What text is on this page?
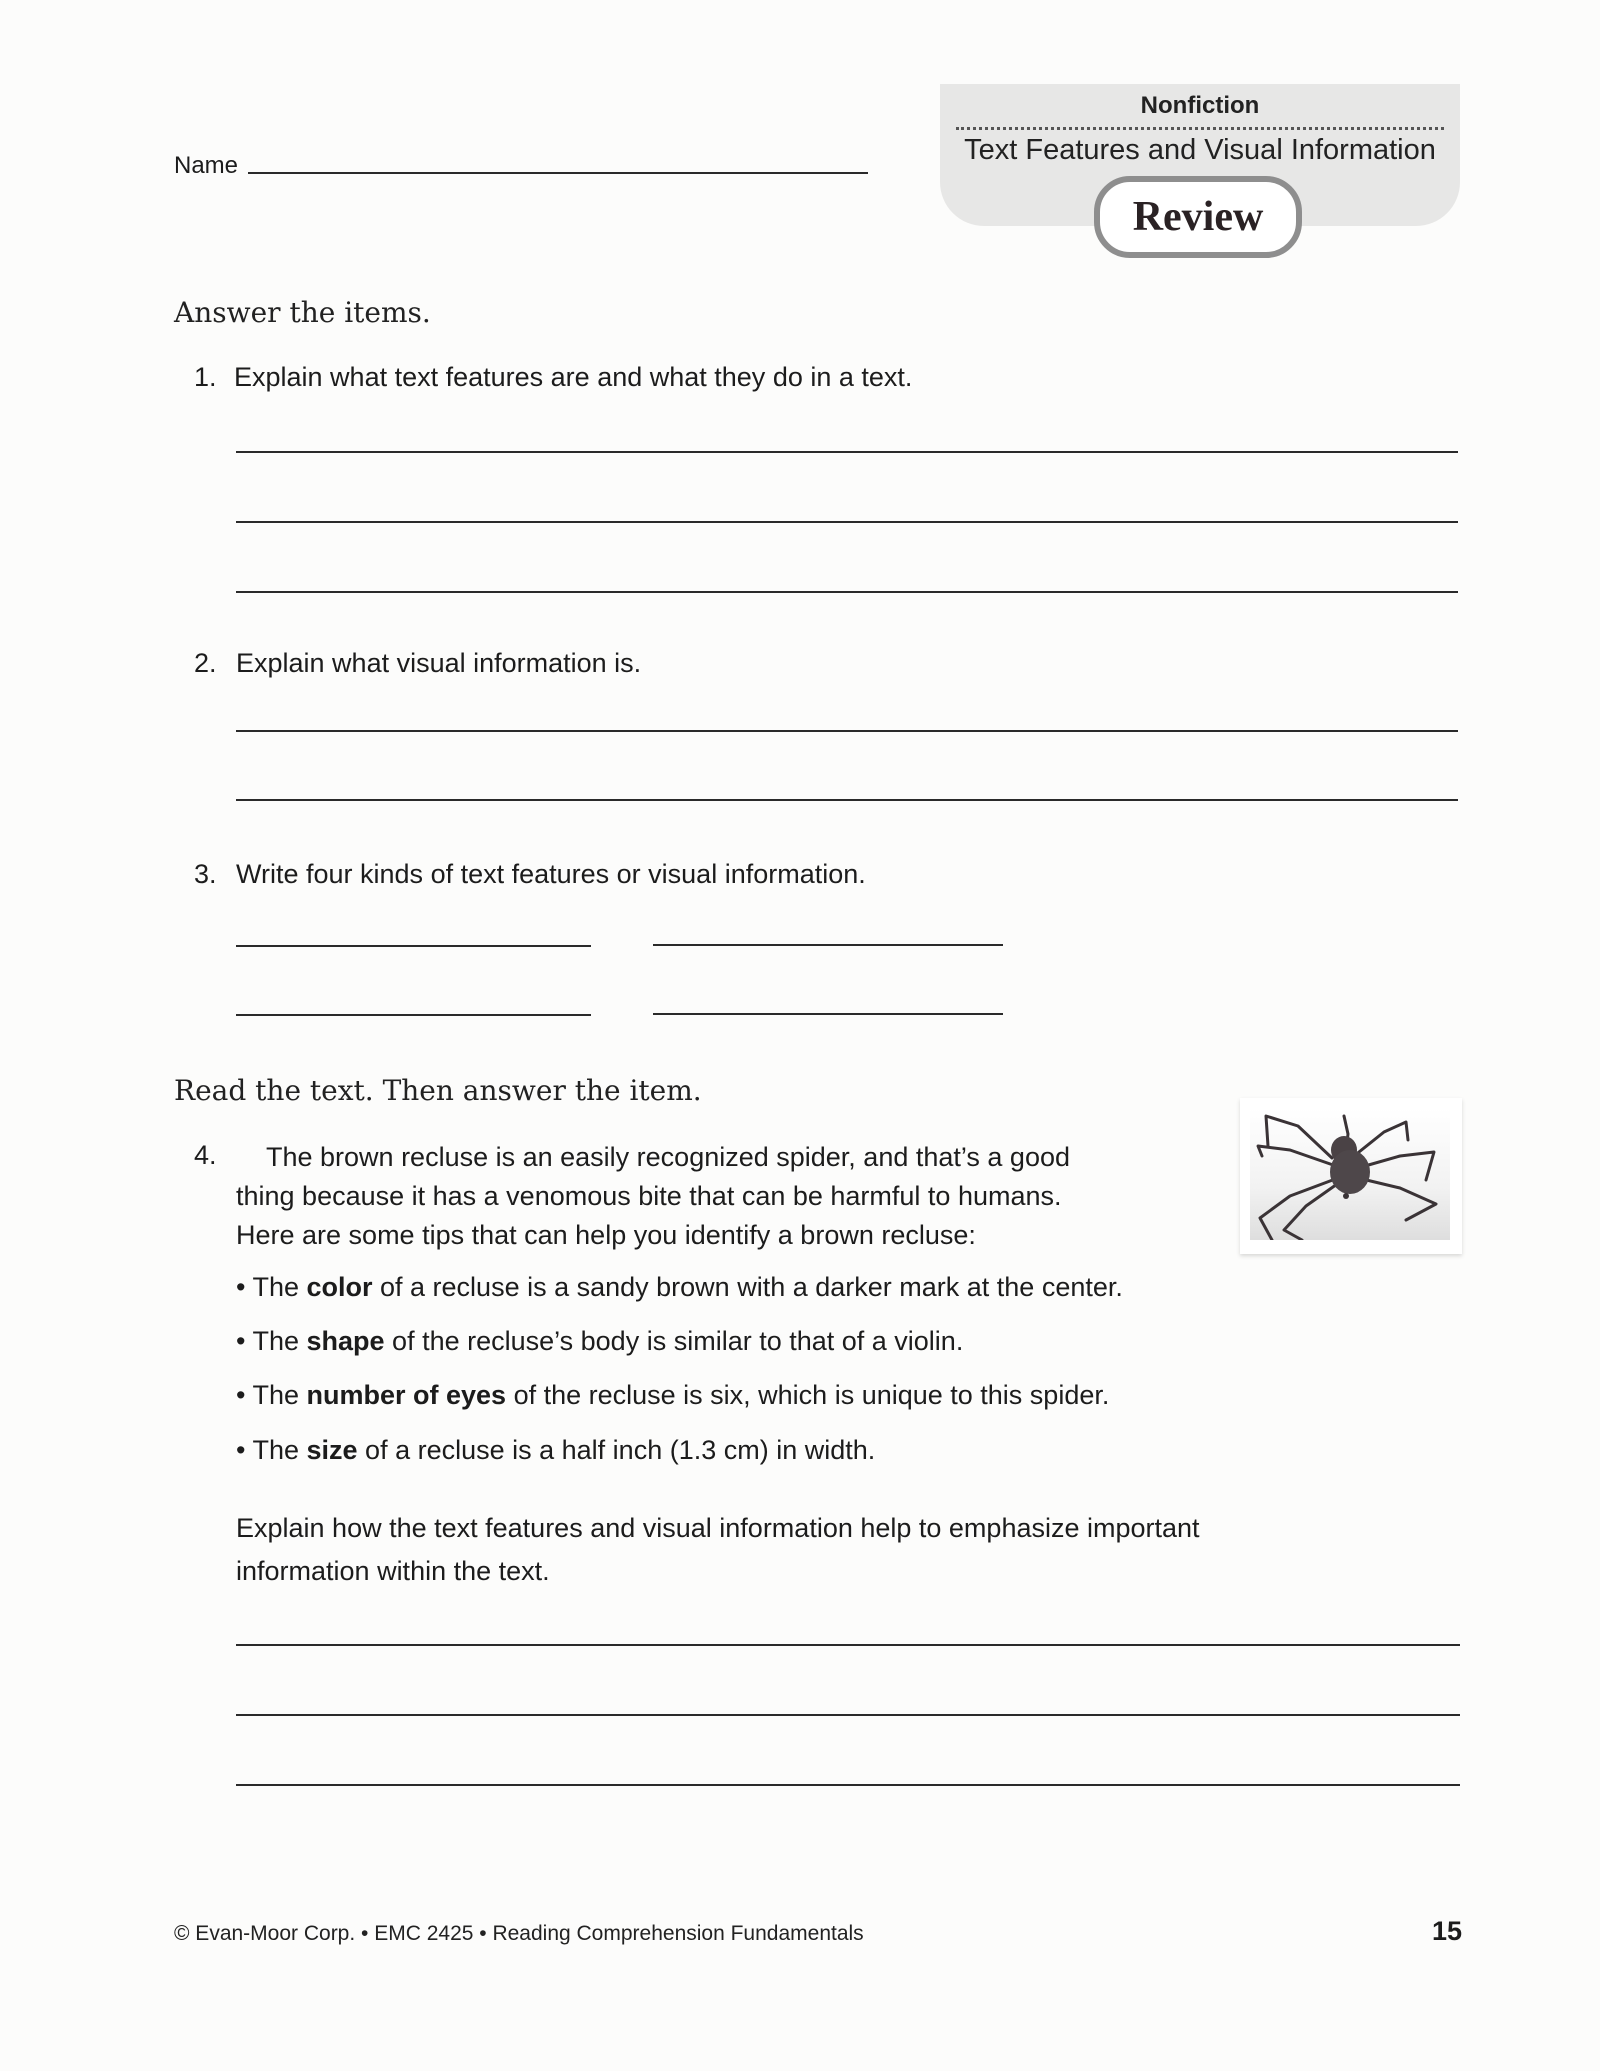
Name
Nonfiction
Text Features and Visual Information
Review
Answer the items.
1. Explain what text features are and what they do in a text.
2. Explain what visual information is.
3. Write four kinds of text features or visual information.
Read the text. Then answer the item.
4. The brown recluse is an easily recognized spider, and that’s a good
thing because it has a venomous bite that can be harmful to humans.
Here are some tips that can help you identify a brown recluse:
• The color of a recluse is a sandy brown with a darker mark at the center.
• The shape of the recluse’s body is similar to that of a violin.
• The number of eyes of the recluse is six, which is unique to this spider.
• The size of a recluse is a half inch (1.3 cm) in width.
Explain how the text features and visual information help to emphasize important
information within the text.
© Evan-Moor Corp. • EMC 2425 • Reading Comprehension Fundamentals	15
